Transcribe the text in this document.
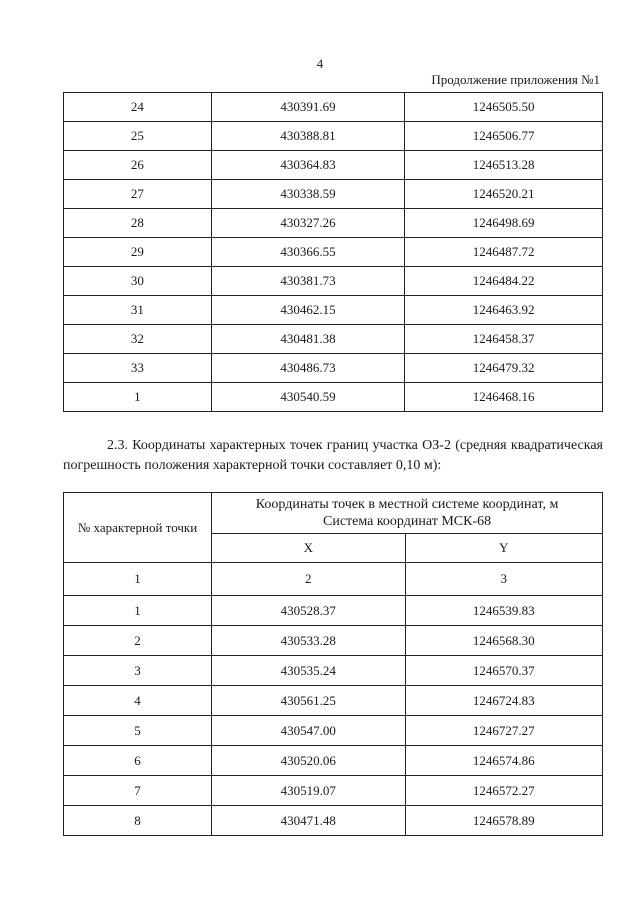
4
Продолжение приложения №1
24	430391.69	1246505.50
25	430388.81	1246506.77
26	430364.83	1246513.28
27	430338.59	1246520.21
28	430327.26	1246498.69
29	430366.55	1246487.72
30	430381.73	1246484.22
31	430462.15	1246463.92
32	430481.38	1246458.37
33	430486.73	1246479.32
1	430540.59	1246468.16
2.3. Координаты характерных точек границ участка ОЗ-2 (средняя квадратическая погрешность положения характерной точки составляет 0,10 м):
№ характерной точки	Координаты точек в местной системе координат, м
Система координат МСК-68	

	X	Y
1	2	3
1	430528.37	1246539.83
2	430533.28	1246568.30
3	430535.24	1246570.37
4	430561.25	1246724.83
5	430547.00	1246727.27
6	430520.06	1246574.86
7	430519.07	1246572.27
8	430471.48	1246578.89
